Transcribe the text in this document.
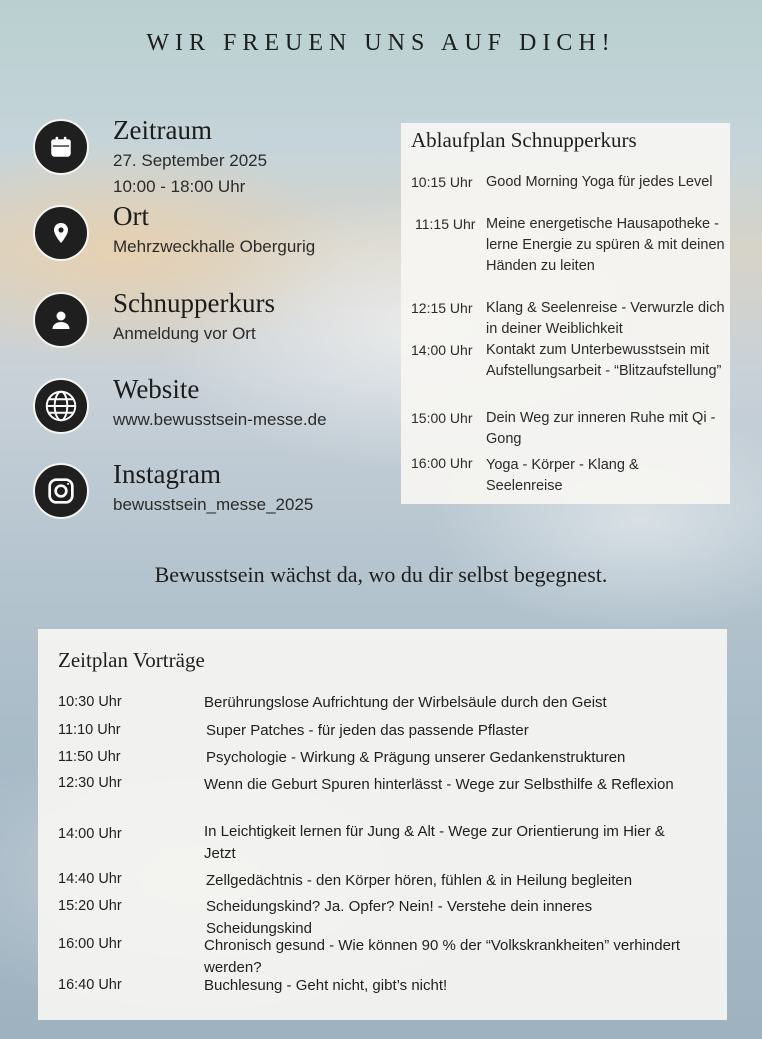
WIR FREUEN UNS AUF DICH!
Zeitraum
27. September 2025
10:00 - 18:00 Uhr
Ort
Mehrzweckhalle Obergurig
Schnupperkurs
Anmeldung vor Ort
Website
www.bewusstsein-messe.de
Instagram
bewusstsein_messe_2025
Ablaufplan Schnupperkurs
10:15 Uhr Good Morning Yoga für jedes Level
11:15 Uhr Meine energetische Hausapotheke - lerne Energie zu spüren & mit deinen Händen zu leiten
12:15 Uhr Klang & Seelenreise - Verwurzle dich in deiner Weiblichkeit
14:00 Uhr Kontakt zum Unterbewusstsein mit Aufstellungsarbeit - “Blitzaufstellung”
15:00 Uhr Dein Weg zur inneren Ruhe mit Qi - Gong
16:00 Uhr Yoga - Körper - Klang & Seelenreise
Bewusstsein wächst da, wo du dir selbst begegnest.
Zeitplan Vorträge
10:30 Uhr	Berührungslose Aufrichtung der Wirbelsäule durch den Geist
11:10 Uhr	Super Patches - für jeden das passende Pflaster
11:50 Uhr	Psychologie - Wirkung & Prägung unserer Gedankenstrukturen
12:30 Uhr	Wenn die Geburt Spuren hinterlässt - Wege zur Selbsthilfe & Reflexion
14:00 Uhr	In Leichtigkeit lernen für Jung & Alt - Wege zur Orientierung im Hier & Jetzt
14:40 Uhr	Zellgedächtnis - den Körper hören, fühlen & in Heilung begleiten
15:20 Uhr	Scheidungskind? Ja. Opfer? Nein! - Verstehe dein inneres Scheidungskind
16:00 Uhr	Chronisch gesund - Wie können 90 % der “Volkskrankheiten” verhindert werden?
16:40 Uhr	Buchlesung - Geht nicht, gibt’s nicht!
